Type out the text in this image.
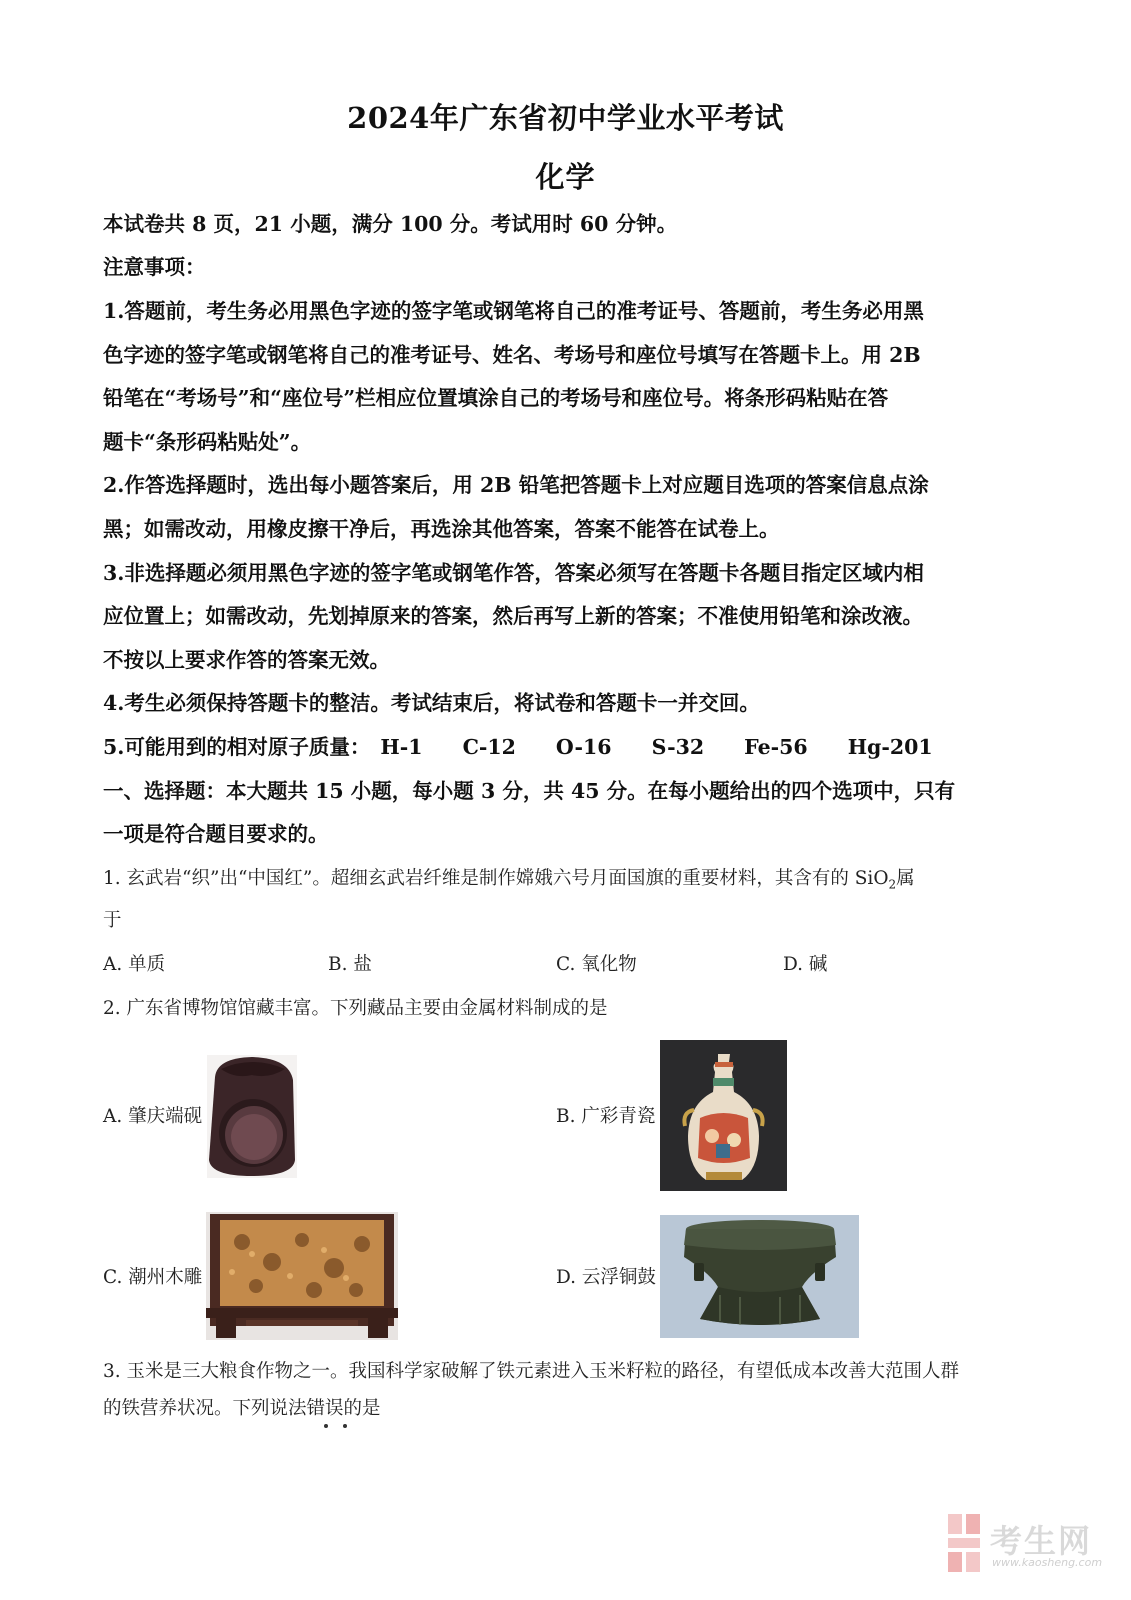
2024年广东省初中学业水平考试
化学
本试卷共 8 页，21 小题，满分 100 分。考试用时 60 分钟。
注意事项：
1.答题前，考生务必用黑色字迹的签字笔或钢笔将自己的准考证号、答题前，考生务必用黑
色字迹的签字笔或钢笔将自己的准考证号、姓名、考场号和座位号填写在答题卡上。用 2B
铅笔在“考场号”和“座位号”栏相应位置填涂自己的考场号和座位号。将条形码粘贴在答
题卡“条形码粘贴处”。
2.作答选择题时，选出每小题答案后，用 2B 铅笔把答题卡上对应题目选项的答案信息点涂
黑；如需改动，用橡皮擦干净后，再选涂其他答案，答案不能答在试卷上。
3.非选择题必须用黑色字迹的签字笔或钢笔作答，答案必须写在答题卡各题目指定区域内相
应位置上；如需改动，先划掉原来的答案，然后再写上新的答案；不准使用铅笔和涂改液。
不按以上要求作答的答案无效。
4.考生必须保持答题卡的整洁。考试结束后，将试卷和答题卡一并交回。
5.可能用到的相对原子质量： H-1 C-12 O-16 S-32 Fe-56 Hg-201
一、选择题：本大题共 15 小题，每小题 3 分，共 45 分。在每小题给出的四个选项中，只有
一项是符合题目要求的。
1. 玄武岩“织”出“中国红”。超细玄武岩纤维是制作嫦娥六号月面国旗的重要材料，其含有的 SiO$_2$属
于
A. 单质	B. 盐	C. 氧化物	D. 碱
2. 广东省博物馆馆藏丰富。下列藏品主要由金属材料制成的是
A. 肇庆端砚	B. 广彩青瓷
C. 潮州木雕	D. 云浮铜鼓
3. 玉米是三大粮食作物之一。我国科学家破解了铁元素进入玉米籽粒的路径，有望低成本改善大范围人群
的铁营养状况。下列说法错误的是
考生网
www.kaosheng.com
